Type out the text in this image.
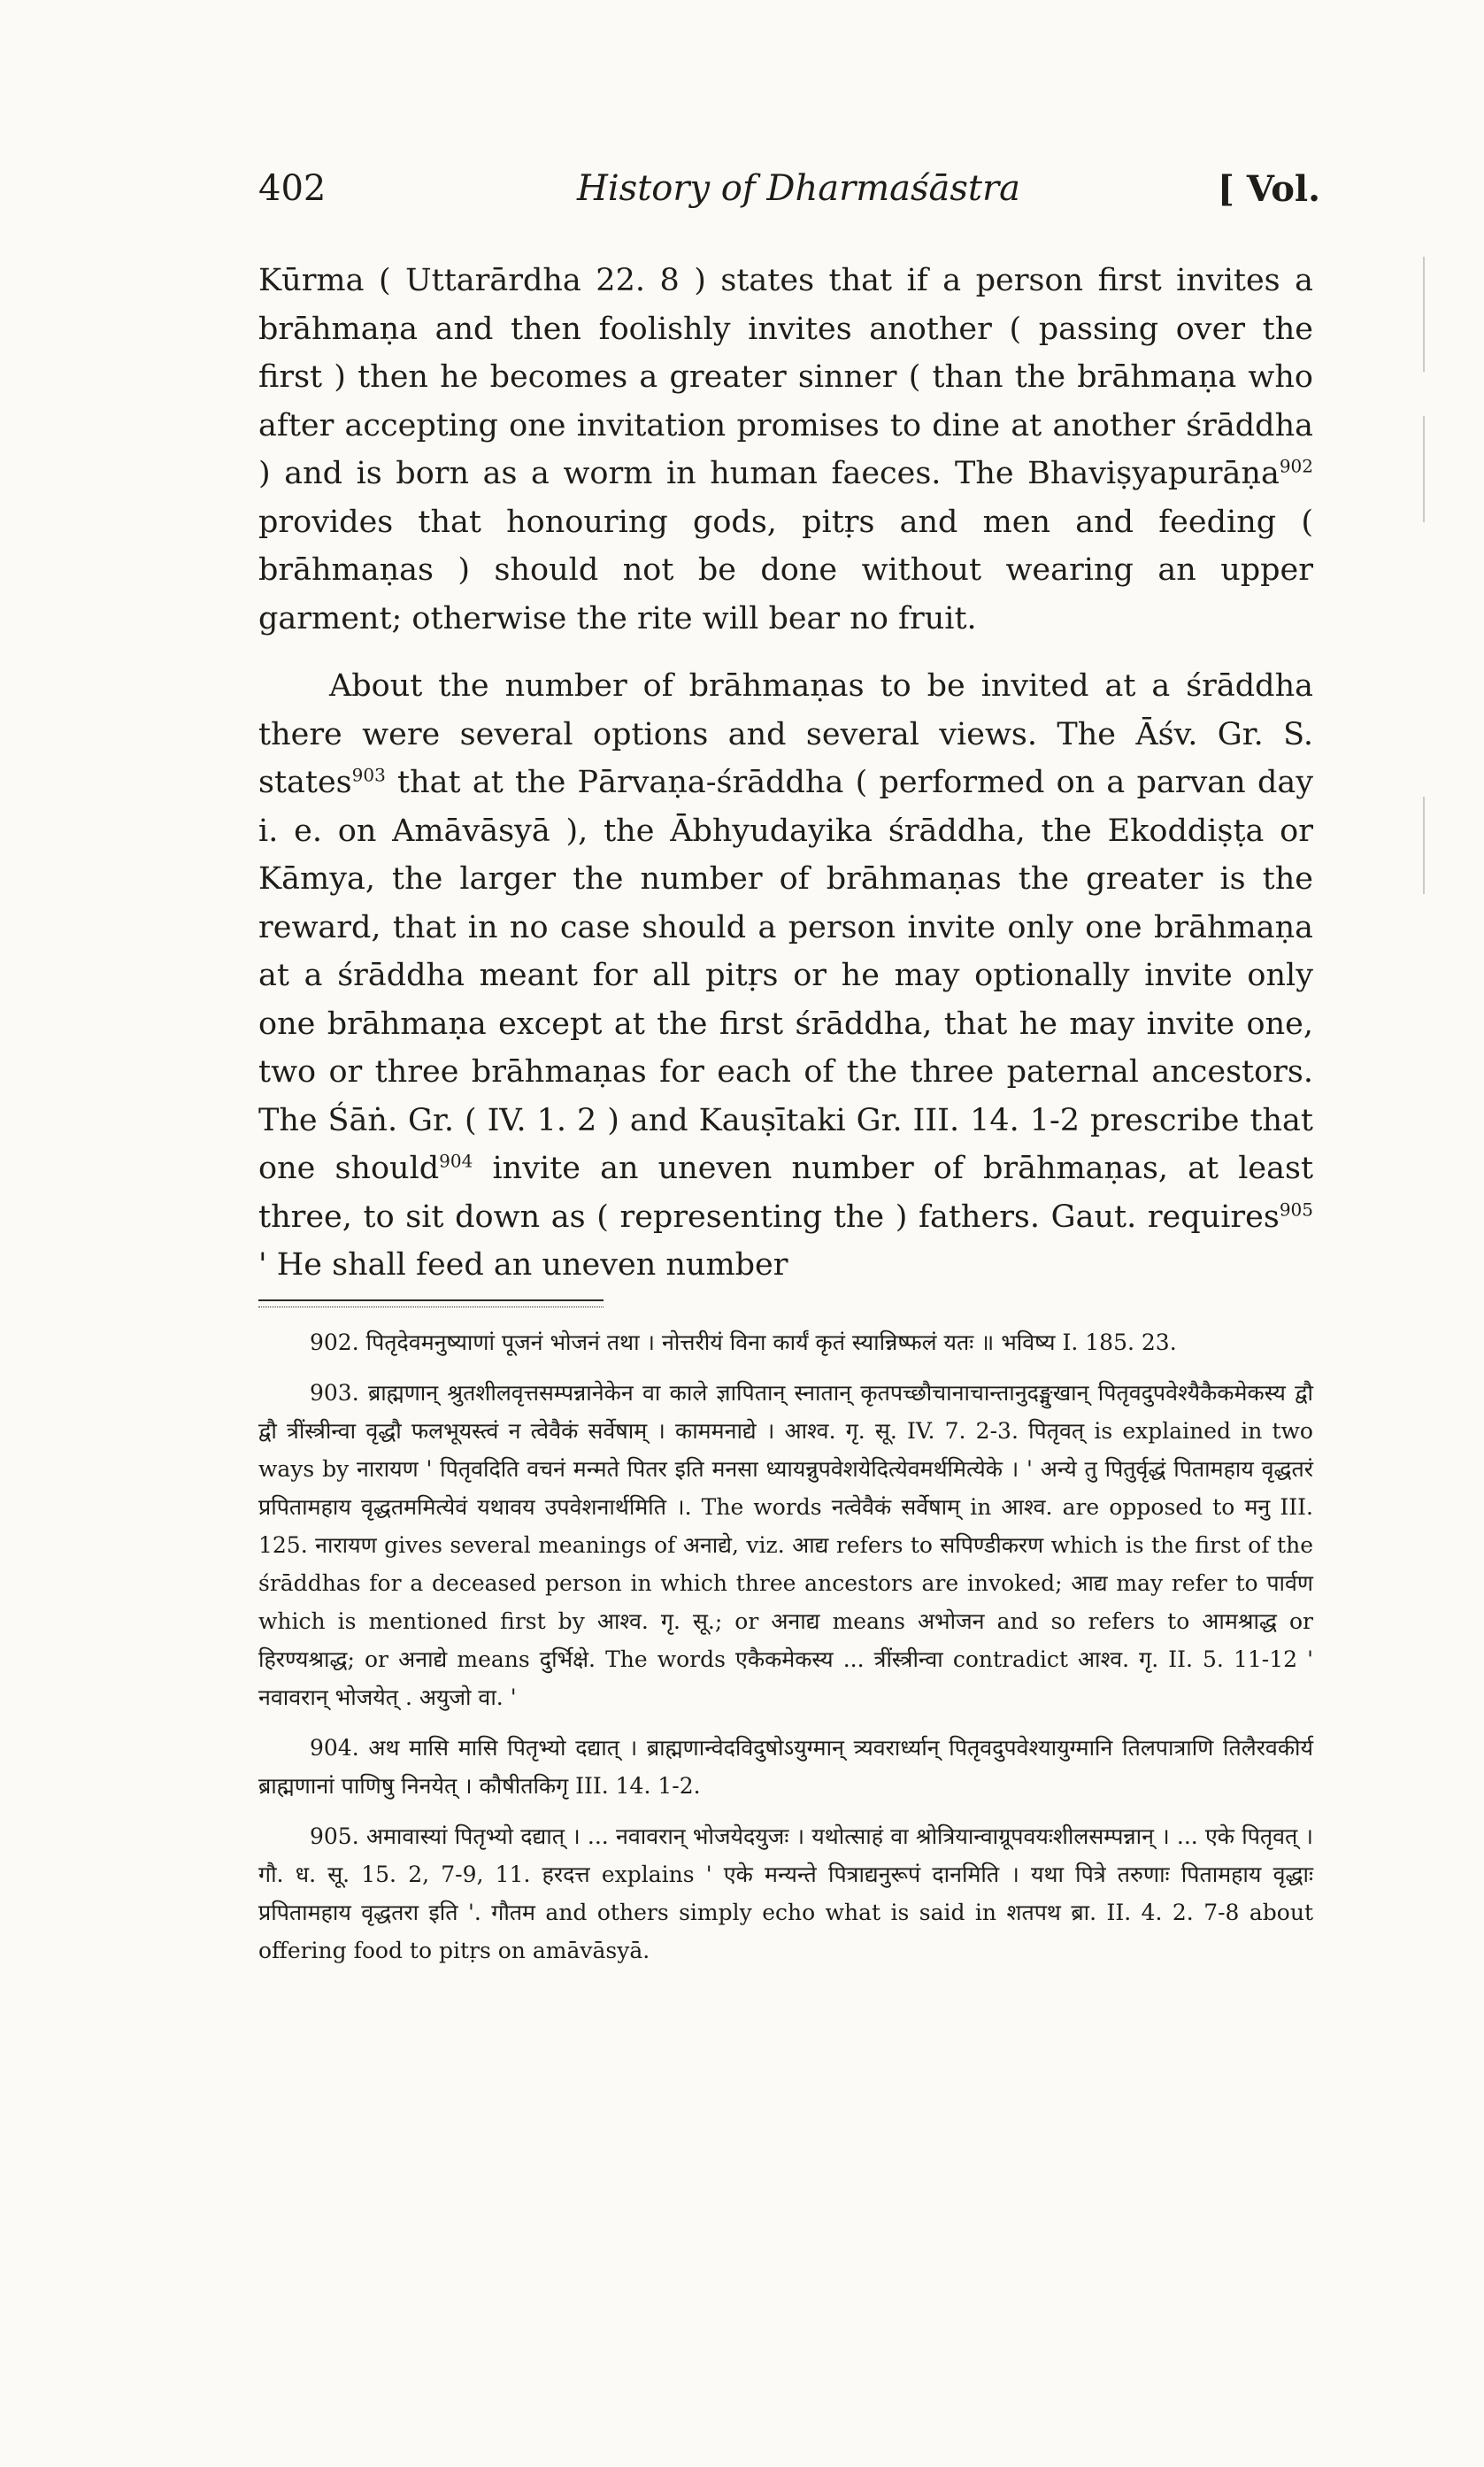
402	History of Dharmaśāstra	[ Vol.

Kūrma ( Uttarārdha 22. 8 ) states that if a person first invites a brāhmaṇa and then foolishly invites another ( passing over the first ) then he becomes a greater sinner ( than the brāhmaṇa who after accepting one invitation promises to dine at another śrāddha ) and is born as a worm in human faeces. The Bhaviṣyapurāṇa$^{902}$ provides that honouring gods, pitṛs and men and feeding ( brāhmaṇas ) should not be done without wearing an upper garment; otherwise the rite will bear no fruit.

About the number of brāhmaṇas to be invited at a śrāddha there were several options and several views. The Āśv. Gr. S. states$^{903}$ that at the Pārvaṇa-śrāddha ( performed on a parvan day i. e. on Amāvāsyā ), the Ābhyudayika śrāddha, the Ekoddiṣṭa or Kāmya, the larger the number of brāhmaṇas the greater is the reward, that in no case should a person invite only one brāhmaṇa at a śrāddha meant for all pitṛs or he may optionally invite only one brāhmaṇa except at the first śrāddha, that he may invite one, two or three brāhmaṇas for each of the three paternal ancestors. The Śāṅ. Gr. ( IV. 1. 2 ) and Kauṣītaki Gr. III. 14. 1-2 prescribe that one should$^{904}$ invite an uneven number of brāhmaṇas, at least three, to sit down as ( representing the ) fathers. Gaut. requires$^{905}$ ' He shall feed an uneven number

902. पितृदेवमनुष्याणां पूजनं भोजनं तथा । नोत्तरीयं विना कार्यं कृतं स्यान्निष्फलं यतः ॥ भविष्य I. 185. 23.

903. ब्राह्मणान् श्रुतशीलवृत्तसम्पन्नानेकेन वा काले ज्ञापितान् स्नातान् कृतपच्छौचानाचान्तानुदङ्मुखान् पितृवदुपवेश्यैकैकमेकस्य द्वौ द्वौ त्रींस्त्रीन्वा वृद्धौ फलभूयस्त्वं न त्वेवैकं सर्वेषाम् । काममनाद्ये । आश्व. गृ. सू. IV. 7. 2-3. पितृवत् is explained in two ways by नारायण ' पितृवदिति वचनं मन्मते पितर इति मनसा ध्यायन्नुपवेशयेदित्येवमर्थमित्येके । ' अन्ये तु पितुर्वृद्धं पितामहाय वृद्धतरं प्रपितामहाय वृद्धतममित्येवं यथावय उपवेशनार्थमिति ।. The words नत्वेवैकं सर्वेषाम् in आश्व. are opposed to मनु III. 125. नारायण gives several meanings of अनाद्ये, viz. आद्य refers to सपिण्डीकरण which is the first of the śrāddhas for a deceased person in which three ancestors are invoked; आद्य may refer to पार्वण which is mentioned first by आश्व. गृ. सू.; or अनाद्य means अभोजन and so refers to आमश्राद्ध or हिरण्यश्राद्ध; or अनाद्ये means दुर्भिक्षे. The words एकैकमेकस्य ... त्रींस्त्रीन्वा contradict आश्व. गृ. II. 5. 11-12 ' नवावरान् भोजयेत् . अयुजो वा. '

904. अथ मासि मासि पितृभ्यो दद्यात् । ब्राह्मणान्वेदविदुषोऽयुग्मान् त्र्यवरार्ध्यान् पितृवदुपवेश्यायुग्मानि तिलपात्राणि तिलैरवकीर्य ब्राह्मणानां पाणिषु निनयेत् । कौषीतकिगृ III. 14. 1-2.

905. अमावास्यां पितृभ्यो दद्यात् । ... नवावरान् भोजयेदयुजः । यथोत्साहं वा श्रोत्रियान्वाग्रूपवयःशीलसम्पन्नान् । ... एके पितृवत् । गौ. ध. सू. 15. 2, 7-9, 11. हरदत्त explains ' एके मन्यन्ते पित्राद्यनुरूपं दानमिति । यथा पित्रे तरुणाः पितामहाय वृद्धाः प्रपितामहाय वृद्धतरा इति '. गौतम and others simply echo what is said in शतपथ ब्रा. II. 4. 2. 7-8 about offering food to pitṛs on amāvāsyā.
